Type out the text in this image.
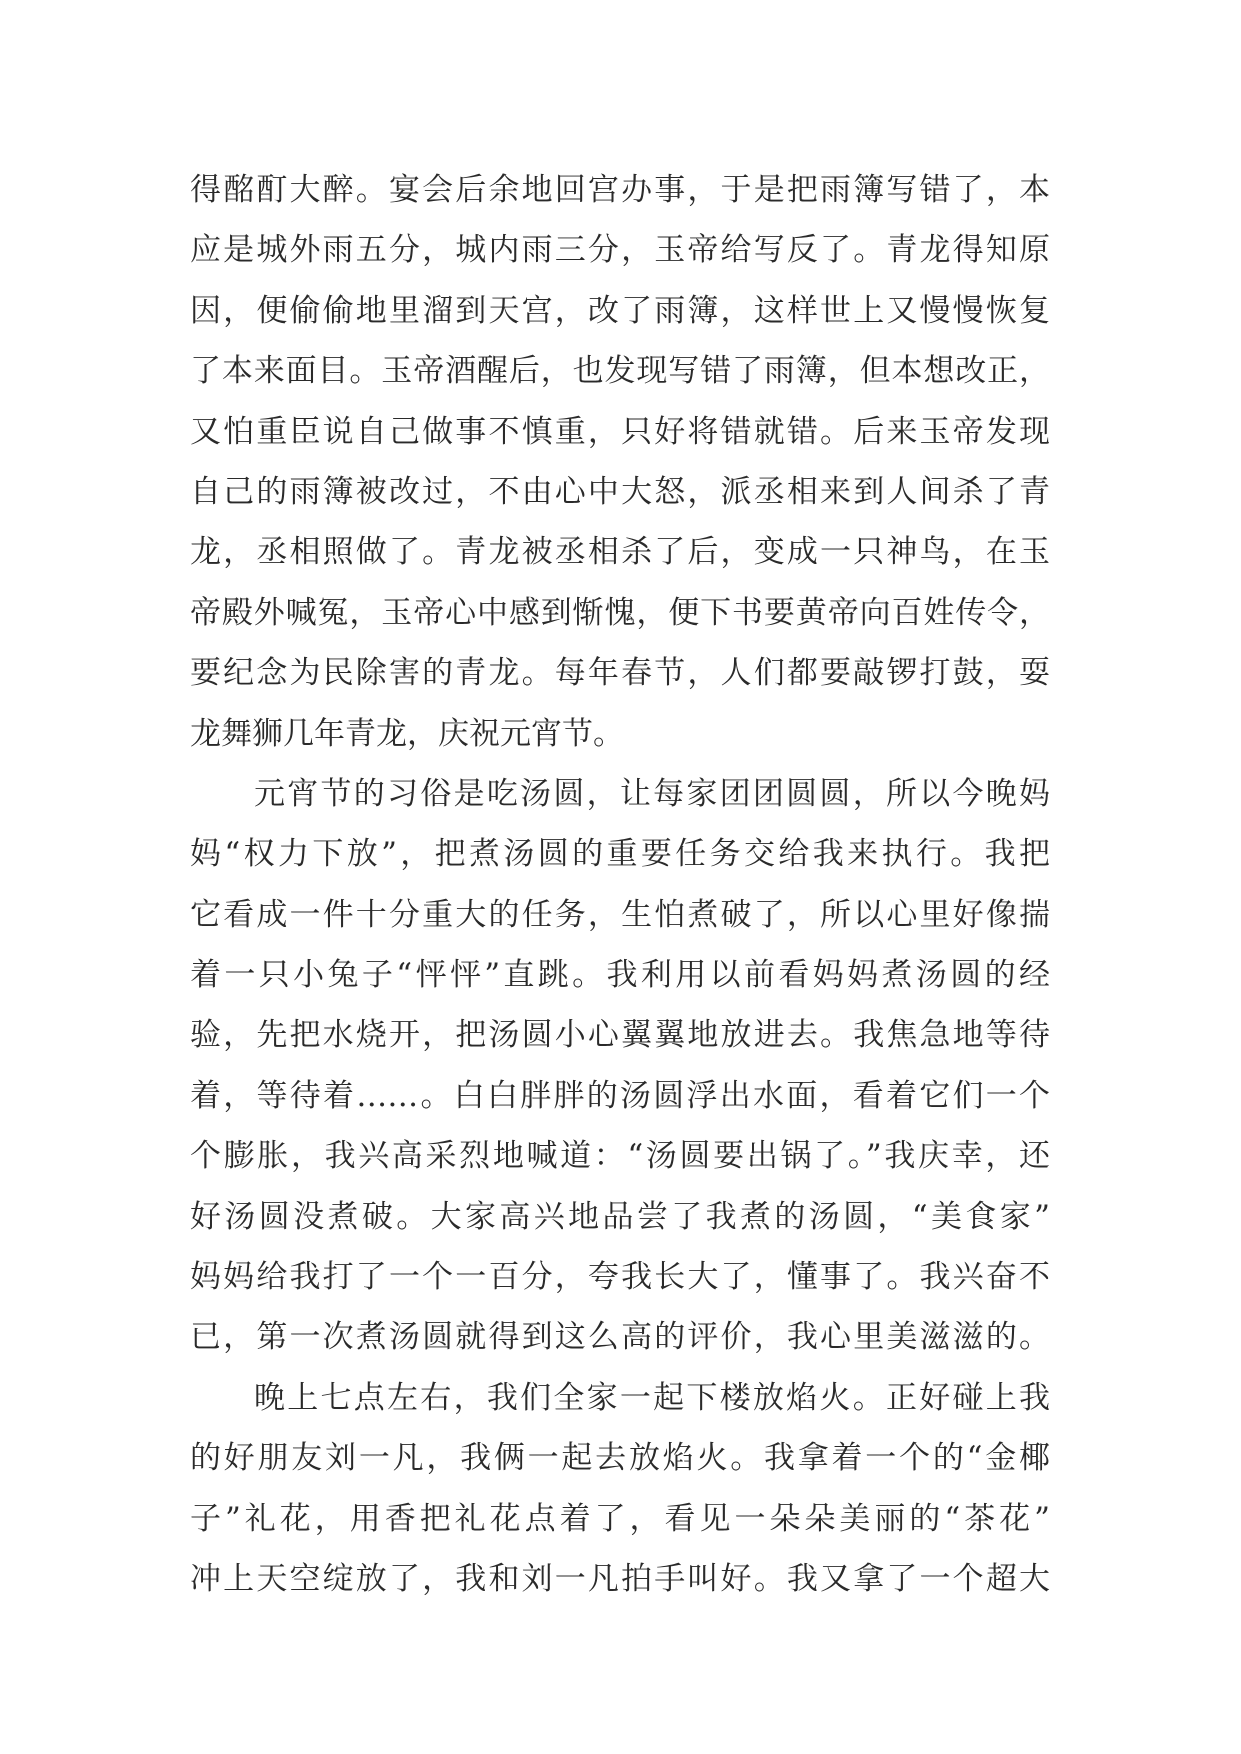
得酩酊大醉。宴会后余地回宫办事，于是把雨簿写错了，本
应是城外雨五分，城内雨三分，玉帝给写反了。青龙得知原
因，便偷偷地里溜到天宫，改了雨簿，这样世上又慢慢恢复
了本来面目。玉帝酒醒后，也发现写错了雨簿，但本想改正，
又怕重臣说自己做事不慎重，只好将错就错。后来玉帝发现
自己的雨簿被改过，不由心中大怒，派丞相来到人间杀了青
龙，丞相照做了。青龙被丞相杀了后，变成一只神鸟，在玉
帝殿外喊冤，玉帝心中感到惭愧，便下书要黄帝向百姓传令，
要纪念为民除害的青龙。每年春节，人们都要敲锣打鼓，耍
龙舞狮几年青龙，庆祝元宵节。
元宵节的习俗是吃汤圆，让每家团团圆圆，所以今晚妈
妈“权力下放”，把煮汤圆的重要任务交给我来执行。我把
它看成一件十分重大的任务，生怕煮破了，所以心里好像揣
着一只小兔子“怦怦”直跳。我利用以前看妈妈煮汤圆的经
验，先把水烧开，把汤圆小心翼翼地放进去。我焦急地等待
着，等待着……。白白胖胖的汤圆浮出水面，看着它们一个
个膨胀，我兴高采烈地喊道：“汤圆要出锅了。”我庆幸，还
好汤圆没煮破。大家高兴地品尝了我煮的汤圆，“美食家”
妈妈给我打了一个一百分，夸我长大了，懂事了。我兴奋不
已，第一次煮汤圆就得到这么高的评价，我心里美滋滋的。
晚上七点左右，我们全家一起下楼放焰火。正好碰上我
的好朋友刘一凡，我俩一起去放焰火。我拿着一个的“金椰
子”礼花，用香把礼花点着了，看见一朵朵美丽的“茶花”
冲上天空绽放了，我和刘一凡拍手叫好。我又拿了一个超大
